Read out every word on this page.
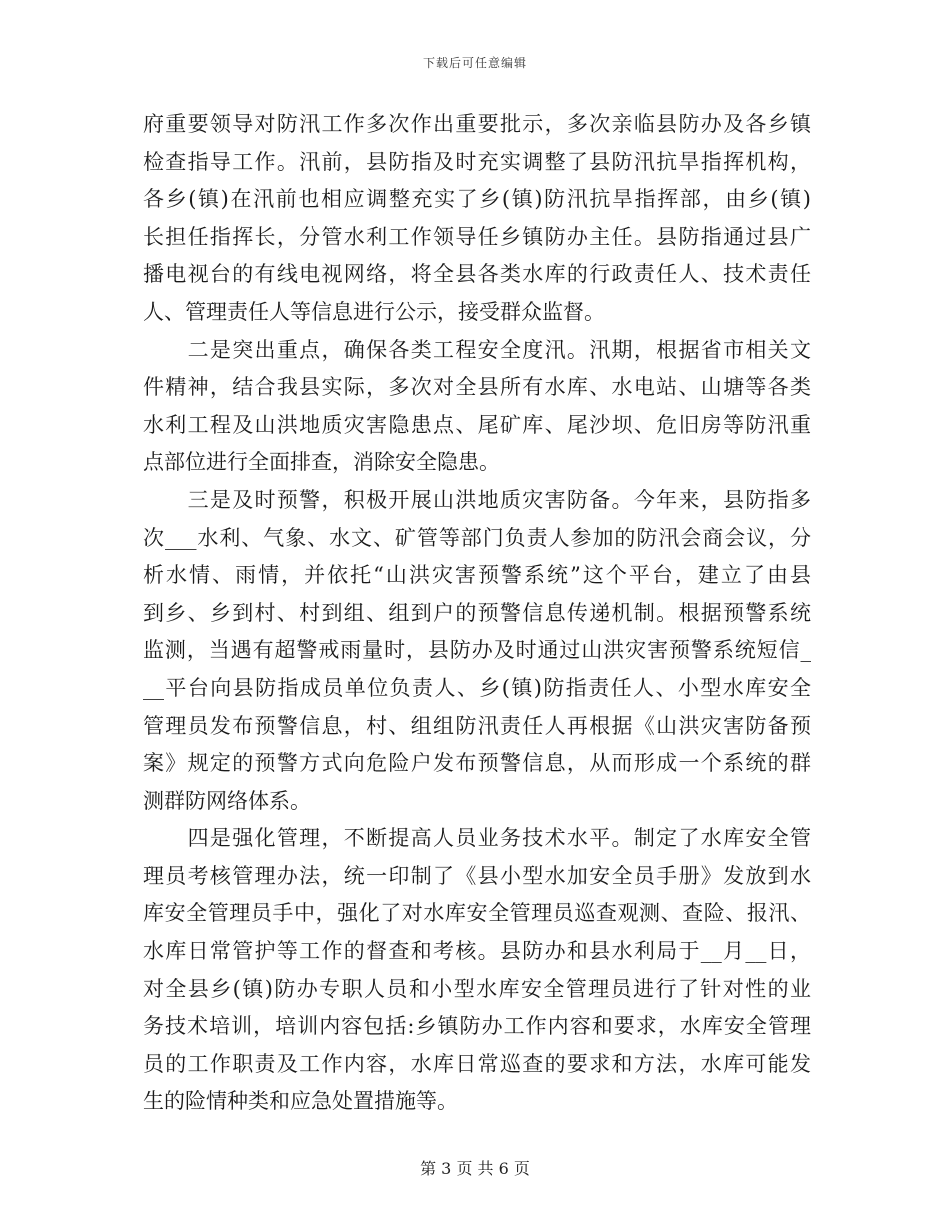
下载后可任意编辑
府重要领导对防汛工作多次作出重要批示，多次亲临县防办及各乡镇
检查指导工作。汛前，县防指及时充实调整了县防汛抗旱指挥机构，
各乡(镇)在汛前也相应调整充实了乡(镇)防汛抗旱指挥部，由乡(镇)
长担任指挥长，分管水利工作领导任乡镇防办主任。县防指通过县广
播电视台的有线电视网络，将全县各类水库的行政责任人、技术责任
人、管理责任人等信息进行公示，接受群众监督。
　　二是突出重点，确保各类工程安全度汛。汛期，根据省市相关文
件精神，结合我县实际，多次对全县所有水库、水电站、山塘等各类
水利工程及山洪地质灾害隐患点、尾矿库、尾沙坝、危旧房等防汛重
点部位进行全面排查，消除安全隐患。
　　三是及时预警，积极开展山洪地质灾害防备。今年来，县防指多
次___水利、气象、水文、矿管等部门负责人参加的防汛会商会议，分
析水情、雨情，并依托“山洪灾害预警系统”这个平台，建立了由县
到乡、乡到村、村到组、组到户的预警信息传递机制。根据预警系统
监测，当遇有超警戒雨量时，县防办及时通过山洪灾害预警系统短信_
__平台向县防指成员单位负责人、乡(镇)防指责任人、小型水库安全
管理员发布预警信息，村、组组防汛责任人再根据《山洪灾害防备预
案》规定的预警方式向危险户发布预警信息，从而形成一个系统的群
测群防网络体系。
　　四是强化管理，不断提高人员业务技术水平。制定了水库安全管
理员考核管理办法，统一印制了《县小型水加安全员手册》发放到水
库安全管理员手中，强化了对水库安全管理员巡查观测、查险、报汛、
水库日常管护等工作的督查和考核。县防办和县水利局于__月__日，
对全县乡(镇)防办专职人员和小型水库安全管理员进行了针对性的业
务技术培训，培训内容包括:乡镇防办工作内容和要求，水库安全管理
员的工作职责及工作内容，水库日常巡查的要求和方法，水库可能发
生的险情种类和应急处置措施等。
第 3 页 共 6 页
